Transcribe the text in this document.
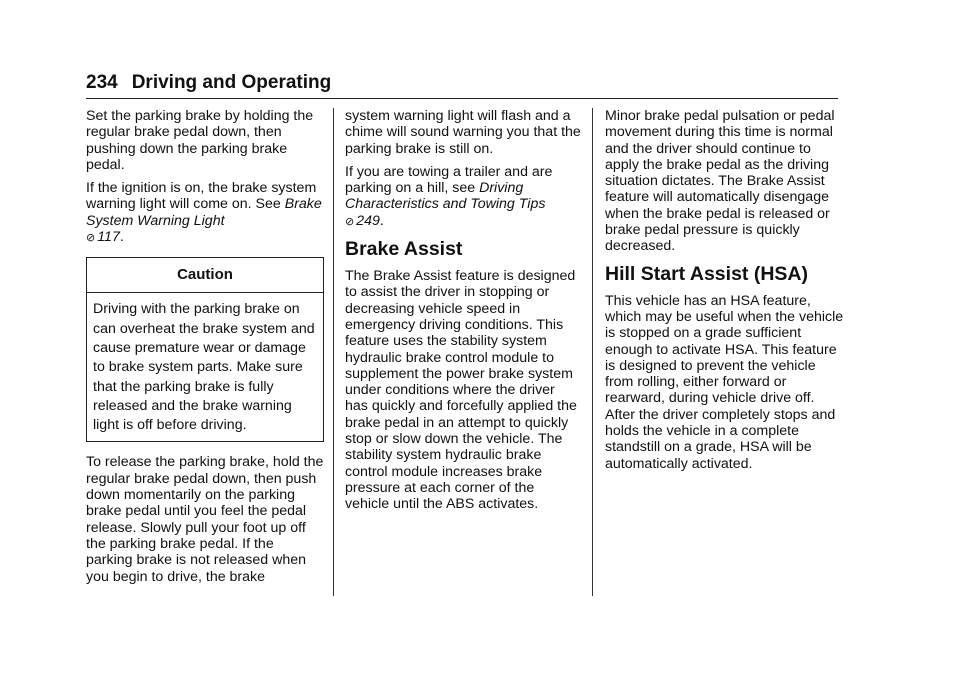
234 Driving and Operating

Set the parking brake by holding the regular brake pedal down, then pushing down the parking brake pedal.

If the ignition is on, the brake system warning light will come on. See Brake System Warning Light
⊘ 117.

Caution
Driving with the parking brake on can overheat the brake system and cause premature wear or damage to brake system parts. Make sure that the parking brake is fully released and the brake warning light is off before driving.

To release the parking brake, hold the regular brake pedal down, then push down momentarily on the parking brake pedal until you feel the pedal release. Slowly pull your foot up off the parking brake pedal. If the parking brake is not released when you begin to drive, the brake

system warning light will flash and a chime will sound warning you that the parking brake is still on.

If you are towing a trailer and are parking on a hill, see Driving Characteristics and Towing Tips
⊘ 249.

Brake Assist

The Brake Assist feature is designed to assist the driver in stopping or decreasing vehicle speed in emergency driving conditions. This feature uses the stability system hydraulic brake control module to supplement the power brake system under conditions where the driver has quickly and forcefully applied the brake pedal in an attempt to quickly stop or slow down the vehicle. The stability system hydraulic brake control module increases brake pressure at each corner of the vehicle until the ABS activates.

Minor brake pedal pulsation or pedal movement during this time is normal and the driver should continue to apply the brake pedal as the driving situation dictates. The Brake Assist feature will automatically disengage when the brake pedal is released or brake pedal pressure is quickly decreased.

Hill Start Assist (HSA)

This vehicle has an HSA feature, which may be useful when the vehicle is stopped on a grade sufficient enough to activate HSA. This feature is designed to prevent the vehicle from rolling, either forward or rearward, during vehicle drive off. After the driver completely stops and holds the vehicle in a complete standstill on a grade, HSA will be automatically activated.
